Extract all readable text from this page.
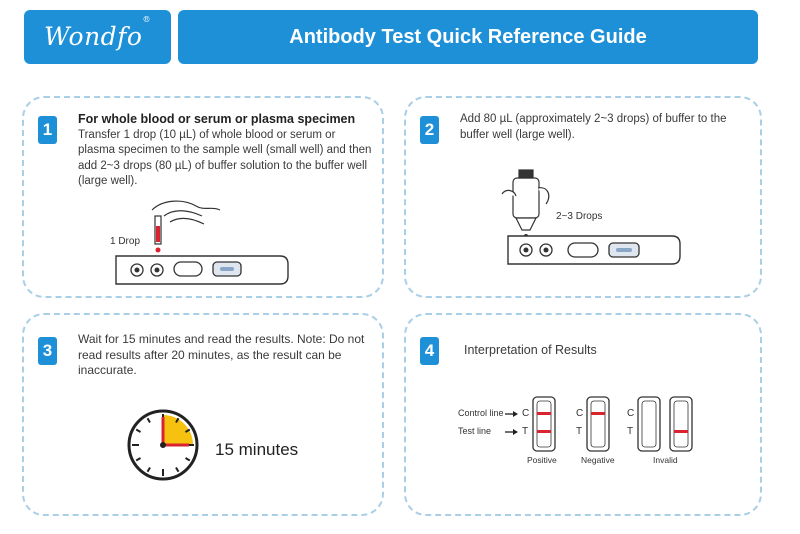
Wondfo®
Antibody Test Quick Reference Guide
1
For whole blood or serum or plasma specimen
Transfer 1 drop (10 µL) of whole blood or serum or plasma specimen to the sample well (small well) and then add 2~3 drops (80 µL) of buffer solution to the buffer well (large well).
1 Drop
2
Add 80 µL (approximately 2~3 drops) of buffer to the buffer well (large well).
2~3 Drops
3
Wait for 15 minutes and read the results. Note: Do not read results after 20 minutes, as the result can be inaccurate.
15 minutes
4	Interpretation of Results
Control line
Test line
C
T
Positive
C
T
Negative
C
T
Invalid
